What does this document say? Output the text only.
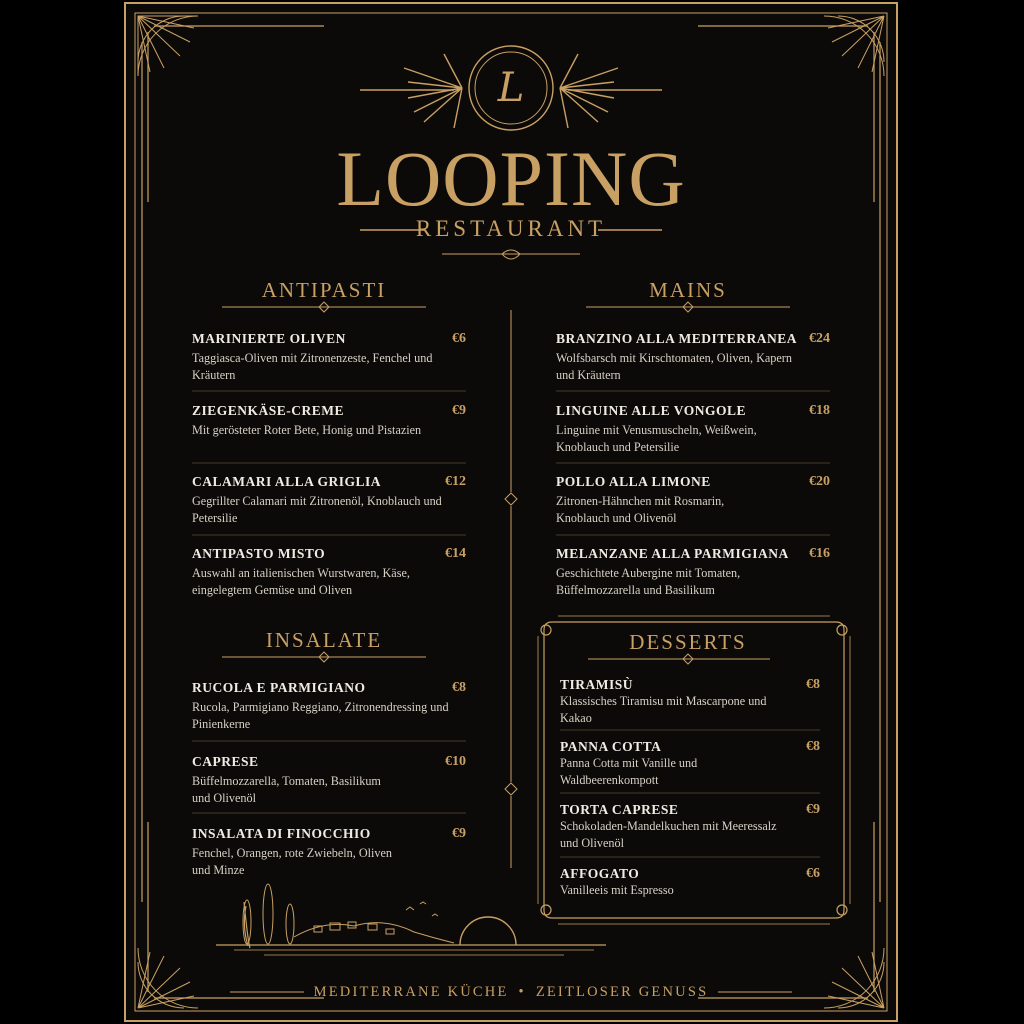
L
LOOPING
RESTAURANT
ANTIPASTI	MAINS
INSALATE	DESSERTS
MARINIERTE OLIVEN	€6
Taggiasca-Oliven mit Zitronenzeste, Fenchel und Kräutern
ZIEGENKÄSE-CREME	€9
Mit gerösteter Roter Bete, Honig und Pistazien
CALAMARI ALLA GRIGLIA	€12
Gegrillter Calamari mit Zitronenöl, Knoblauch und Petersilie
ANTIPASTO MISTO	€14
Auswahl an italienischen Wurstwaren, Käse, eingelegtem Gemüse und Oliven
RUCOLA E PARMIGIANO	€8
Rucola, Parmigiano Reggiano, Zitronendressing und Pinienkerne
CAPRESE	€10
Büffelmozzarella, Tomaten, Basilikum und Olivenöl
INSALATA DI FINOCCHIO	€9
Fenchel, Orangen, rote Zwiebeln, Oliven und Minze
BRANZINO ALLA MEDITERRANEA €24
Wolfsbarsch mit Kirschtomaten, Oliven, Kapern und Kräutern
LINGUINE ALLE VONGOLE	€18
Linguine mit Venusmuscheln, Weißwein, Knoblauch und Petersilie
POLLO ALLA LIMONE	€20
Zitronen-Hähnchen mit Rosmarin, Knoblauch und Olivenöl
MELANZANE ALLA PARMIGIANA	€16
Geschichtete Aubergine mit Tomaten, Büffelmozzarella und Basilikum
TIRAMISÙ	€8
Klassisches Tiramisu mit Mascarpone und Kakao
PANNA COTTA	€8
Panna Cotta mit Vanille und Waldbeerenkompott
TORTA CAPRESE	€9
Schokoladen-Mandelkuchen mit Meeressalz und Olivenöl
AFFOGATO	€6
Vanilleeis mit Espresso
MEDITERRANE KÜCHE • ZEITLOSER GENUSS
